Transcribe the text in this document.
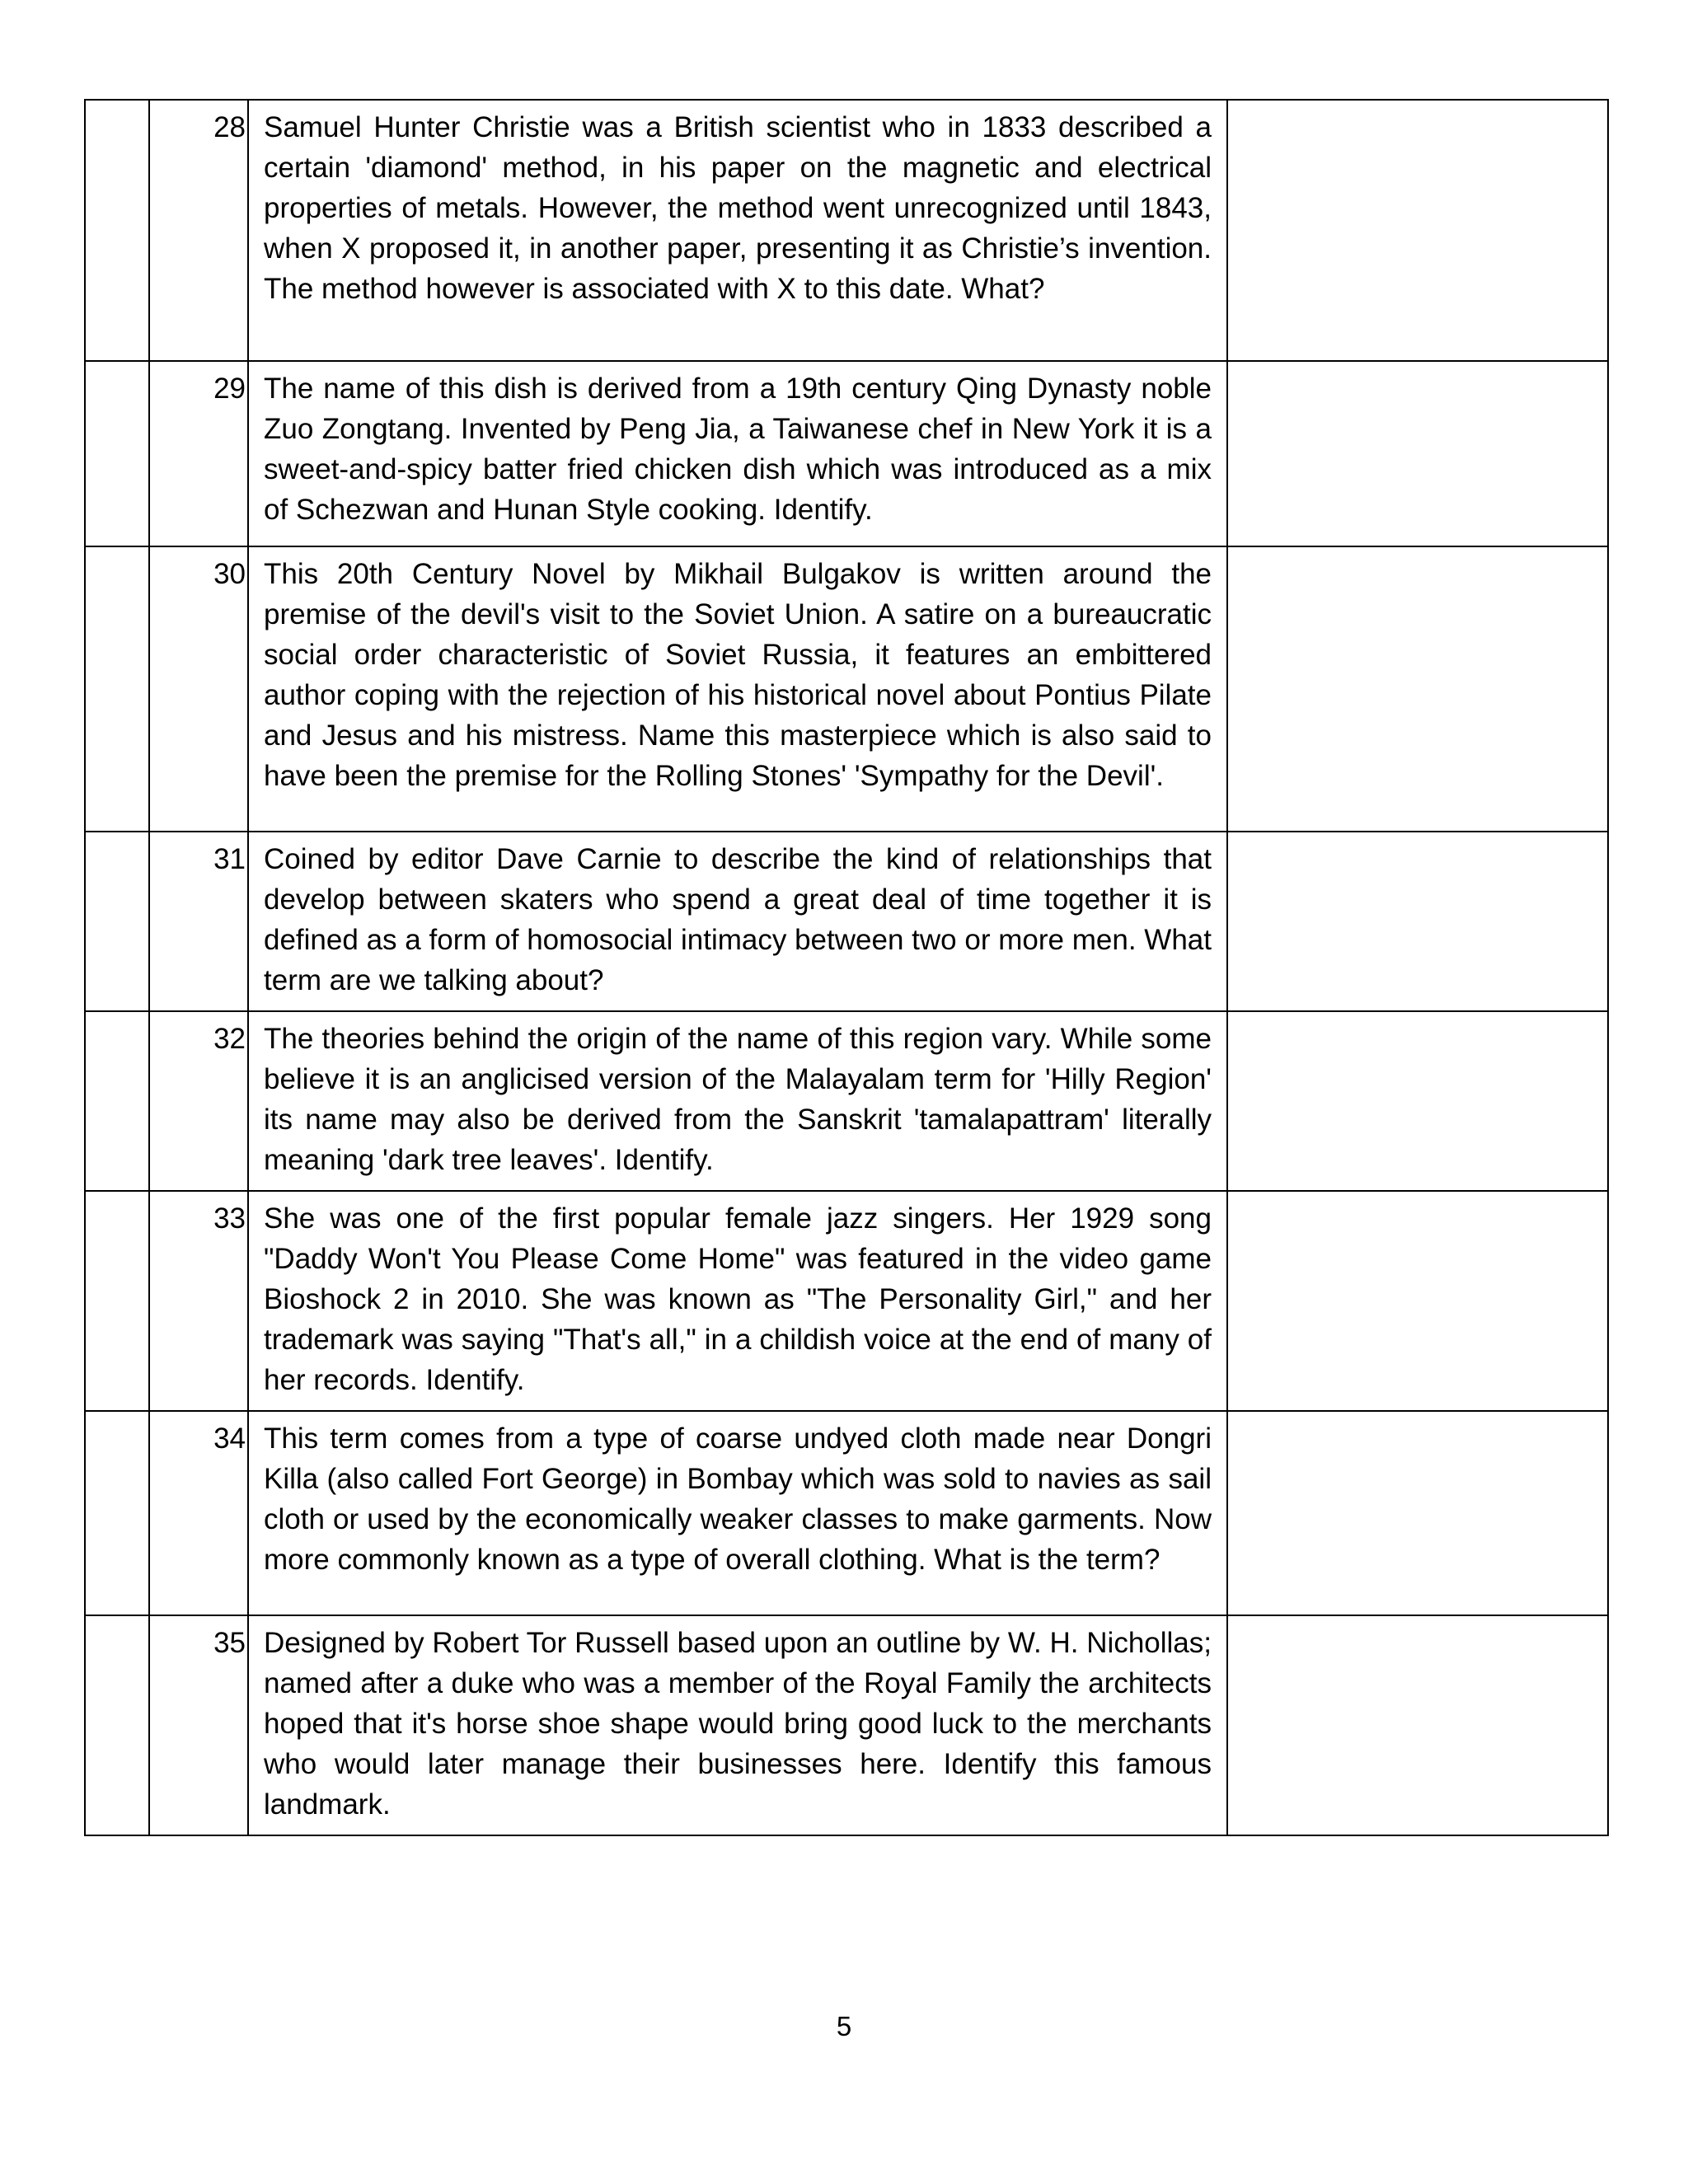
	28	Samuel Hunter Christie was a British scientist who in 1833 described a certain 'diamond' method, in his paper on the magnetic and electrical properties of metals. However, the method went unrecognized until 1843, when X proposed it, in another paper, presenting it as Christie’s invention. The method however is associated with X to this date. What?	
	29	The name of this dish is derived from a 19th century Qing Dynasty noble Zuo Zongtang. Invented by Peng Jia, a Taiwanese chef in New York it is a sweet-and-spicy batter fried chicken dish which was introduced as a mix of Schezwan and Hunan Style cooking. Identify.	
	30	This 20th Century Novel by Mikhail Bulgakov is written around the premise of the devil's visit to the Soviet Union. A satire on a bureaucratic social order characteristic of Soviet Russia, it features an embittered author coping with the rejection of his historical novel about Pontius Pilate and Jesus and his mistress. Name this masterpiece which is also said to have been the premise for the Rolling Stones' 'Sympathy for the Devil'.	
	31	Coined by editor Dave Carnie to describe the kind of relationships that develop between skaters who spend a great deal of time together it is defined as a form of homosocial intimacy between two or more men. What term are we talking about?	
	32	The theories behind the origin of the name of this region vary. While some believe it is an anglicised version of the Malayalam term for 'Hilly Region' its name may also be derived from the Sanskrit 'tamalapattram' literally meaning 'dark tree leaves'. Identify.	
	33	She was one of the first popular female jazz singers. Her 1929 song "Daddy Won't You Please Come Home" was featured in the video game Bioshock 2 in 2010. She was known as "The Personality Girl," and her trademark was saying "That's all," in a childish voice at the end of many of her records. Identify.	
	34	This term comes from a type of coarse undyed cloth made near Dongri Killa (also called Fort George) in Bombay which was sold to navies as sail cloth or used by the economically weaker classes to make garments. Now more commonly known as a type of overall clothing. What is the term?	
	35	Designed by Robert Tor Russell based upon an outline by W. H. Nichollas; named after a duke who was a member of the Royal Family the architects hoped that it's horse shoe shape would bring good luck to the merchants who would later manage their businesses here. Identify this famous landmark.	
5
